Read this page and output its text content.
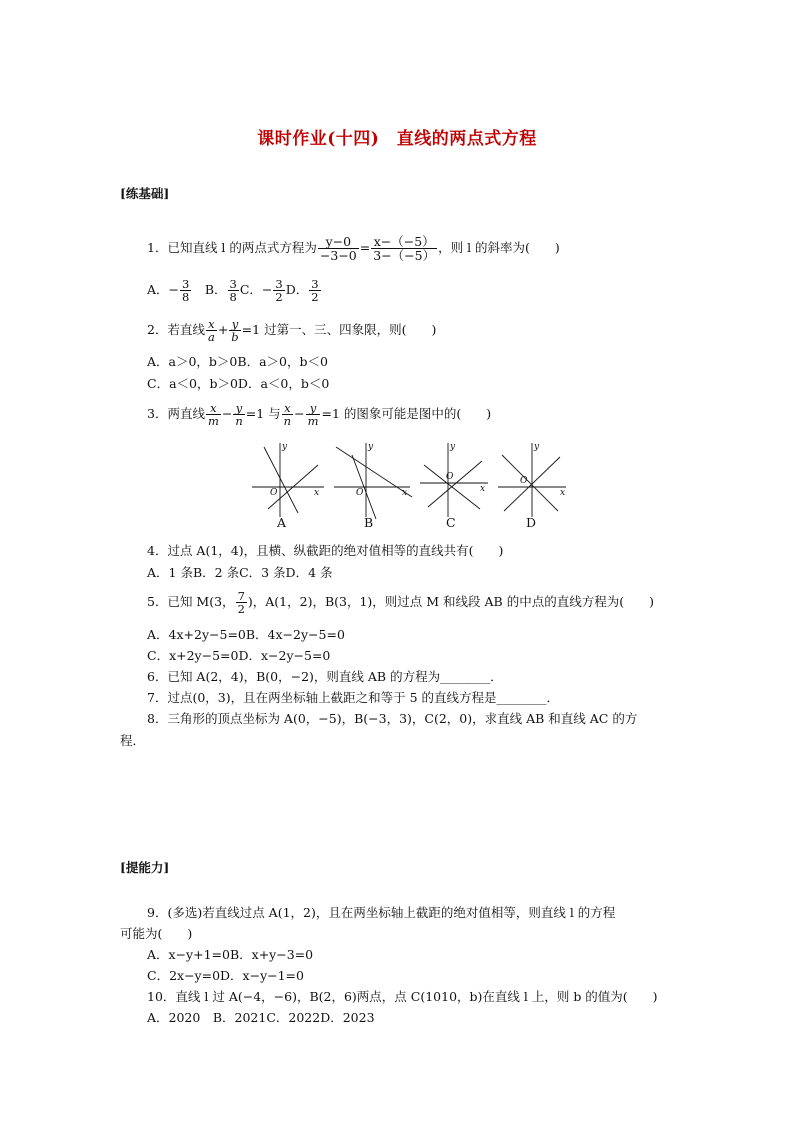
课时作业(十四)　直线的两点式方程
[练基础]
1．已知直线 l 的两点式方程为 $\frac{y-0}{-3-0} = \frac{x-(-5)}{3-(-5)}$ ，则 l 的斜率为(　　)
A．− $\frac{3}{8}$ 　B． $\frac{3}{8}$ C．− $\frac{3}{2}$ D． $\frac{3}{2}$
2．若直线 $\frac{x}{a} + \frac{y}{b} =1$ 过第一、三、四象限，则(　　)
A．a＞0，b＞0B．a＞0，b＜0
C．a＜0，b＞0D．a＜0，b＜0
3．两直线 $\frac{x}{m} - \frac{y}{n} =1$ 与 $\frac{x}{n} - \frac{y}{m} =1$ 的图象可能是图中的(　　)
y
x
O
y
x
O
y
x
O
y
x
O
A	B	C	D
4．过点 A(1，4)，且横、纵截距的绝对值相等的直线共有(　　)
A．1 条B．2 条C．3 条D．4 条
5．已知 M(3， $\frac{7}{2}$ )，A(1，2)，B(3，1)，则过点 M 和线段 AB 的中点的直线方程为(　　)
A．4x+2y−5=0B．4x−2y−5=0
C．x+2y−5=0D．x−2y−5=0
6．已知 A(2，4)，B(0，−2)，则直线 AB 的方程为________．
7．过点(0，3)，且在两坐标轴上截距之和等于 5 的直线方程是________．
8．三角形的顶点坐标为 A(0，−5)，B(−3，3)，C(2，0)，求直线 AB 和直线 AC 的方
程．
[提能力]
9．(多选)若直线过点 A(1，2)，且在两坐标轴上截距的绝对值相等，则直线 l 的方程
可能为(　　)
A．x−y+1=0B．x+y−3=0
C．2x−y=0D．x−y−1=0
10．直线 l 过 A(−4，−6)，B(2，6)两点，点 C(1010，b)在直线 l 上，则 b 的值为(　　)
A．2020　B．2021C．2022D．2023
